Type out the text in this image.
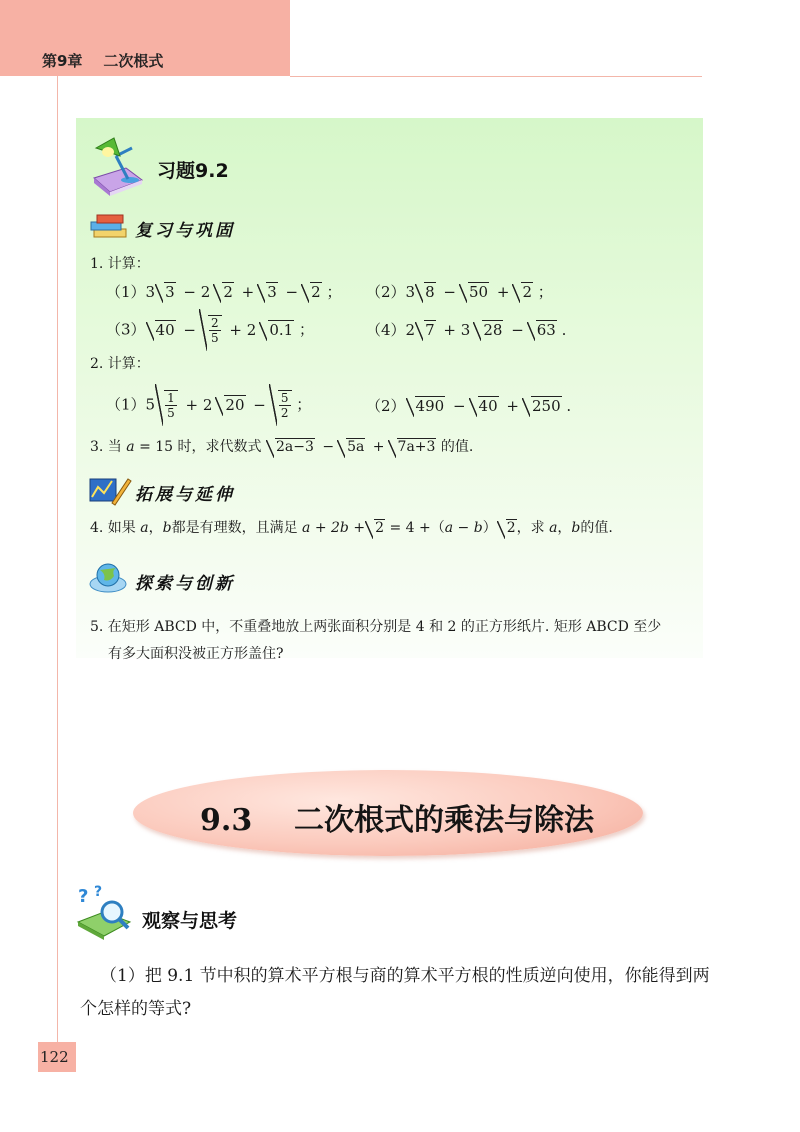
第9章    二次根式
习题9.2
复习与巩固
1. 计算：
（1）3 3 − 2 2 + 3 − 2 ； （2）3 8 − 50 + 2 ；
（3） $40 - \frac{2}{5} + 2$ 0.1 ；	（4）2 7 + 3 28 − 63 .
2. 计算：
$(1)5 \frac{1}{5} + 2$ $20 - \frac{5}{2}$ ；	（2） 490 − 40 + 250 .
3. 当 a = 15 时，求代数式 2a−3 − 5a + 7a+3 的值.
拓展与延伸
4. 如果 a，b都是有理数，且满足 a + 2b + 2 = 4 +（a − b） 2，求 a，b的值.
探索与创新
5. 在矩形 ABCD 中，不重叠地放上两张面积分别是 4 和 2 的正方形纸片. 矩形 ABCD 至少
有多大面积没被正方形盖住?
9.3    二次根式的乘法与除法
? ?
观察与思考
（1）把 9.1 节中积的算术平方根与商的算术平方根的性质逆向使用，你能得到两个怎样的等式?
122
